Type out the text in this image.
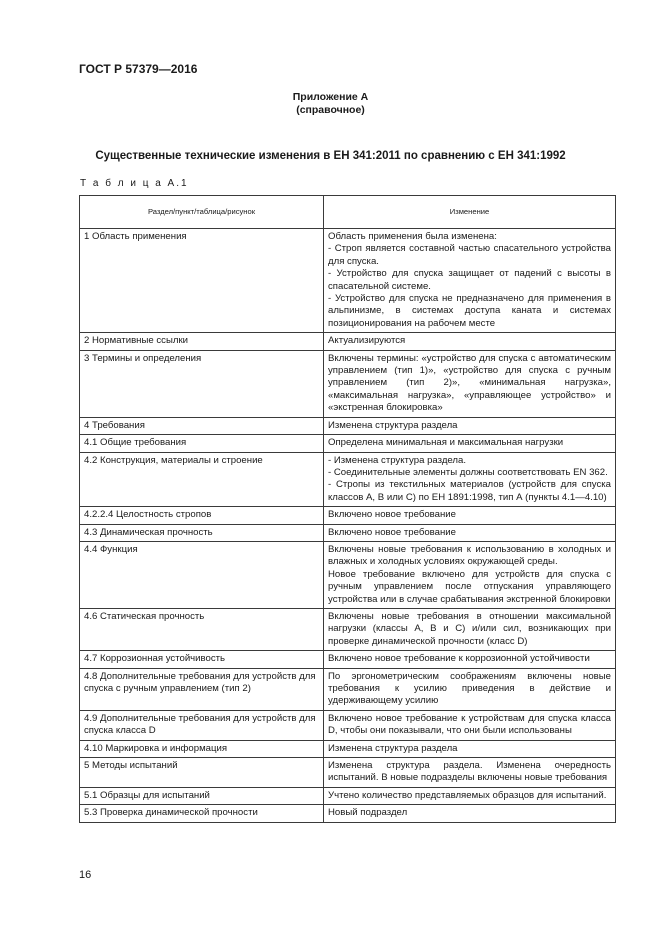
ГОСТ Р 57379—2016
Приложение А
(справочное)
Существенные технические изменения в ЕН 341:2011 по сравнению с ЕН 341:1992
Т а б л и ц а А.1
Раздел/пункт/таблица/рисунок	Изменение
1 Область применения	Область применения была изменена:
- Строп является составной частью спасательного устройства для спуска.
- Устройство для спуска защищает от падений с высоты в спасательной системе.
- Устройство для спуска не предназначено для применения в альпинизме, в системах доступа каната и системах позиционирования на рабочем месте

2 Нормативные ссылки	Актуализируются

3 Термины и определения	Включены термины: «устройство для спуска с автоматическим управлением (тип 1)», «устройство для спуска с ручным управлением (тип 2)», «минимальная нагрузка», «максимальная нагрузка», «управляющее устройство» и «экстренная блокировка»

4 Требования	Изменена структура раздела

4.1 Общие требования	Определена минимальная и максимальная нагрузки

4.2 Конструкция, материалы и строение	- Изменена структура раздела.
- Соединительные элементы должны соответствовать ЕN 362.
- Стропы из текстильных материалов (устройств для спуска классов А, В или С) по ЕН 1891:1998, тип А (пункты 4.1—4.10)

4.2.2.4 Целостность стропов	Включено новое требование

4.3 Динамическая прочность	Включено новое требование

4.4 Функция	Включены новые требования к использованию в холодных и влажных и холодных условиях окружающей среды.
Новое требование включено для устройств для спуска с ручным управлением после отпускания управляющего устройства или в случае срабатывания экстренной блокировки

4.6 Статическая прочность	Включены новые требования в отношении максимальной нагрузки (классы А, В и С) и/или сил, возникающих при проверке динамической прочности (класс D)

4.7 Коррозионная устойчивость	Включено новое требование к коррозионной устойчивости

4.8 Дополнительные требования для устройств для спуска с ручным управлением (тип 2)	По эргонометрическим соображениям включены новые требования к усилию приведения в действие и удерживающему усилию

4.9 Дополнительные требования для устройств для спуска класса D	Включено новое требование к устройствам для спуска класса D, чтобы они показывали, что они были использованы

4.10 Маркировка и информация	Изменена структура раздела

5 Методы испытаний	Изменена структура раздела. Изменена очередность испытаний. В новые подразделы включены новые требования

5.1 Образцы для испытаний	Учтено количество представляемых образцов для испытаний.

5.3 Проверка динамической прочности	Новый подраздел
16
